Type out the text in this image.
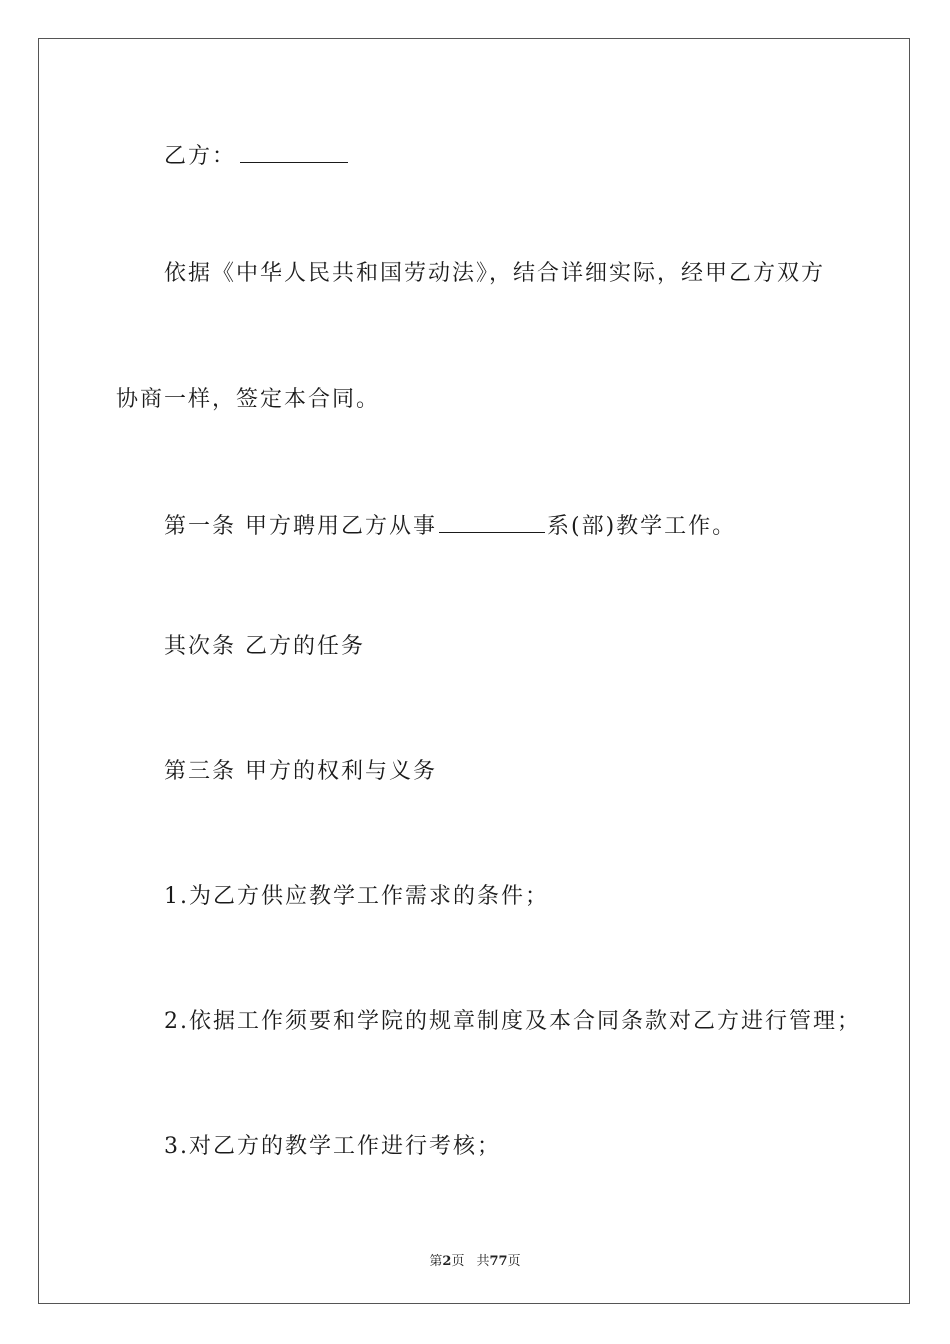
乙方：
依据《中华人民共和国劳动法》，结合详细实际，经甲乙方双方
协商一样，签定本合同。
第一条 甲方聘用乙方从事	系(部)教学工作。
其次条 乙方的任务
第三条 甲方的权利与义务
1.为乙方供应教学工作需求的条件；
2.依据工作须要和学院的规章制度及本合同条款对乙方进行管理；
3.对乙方的教学工作进行考核；
第2页 共77页
